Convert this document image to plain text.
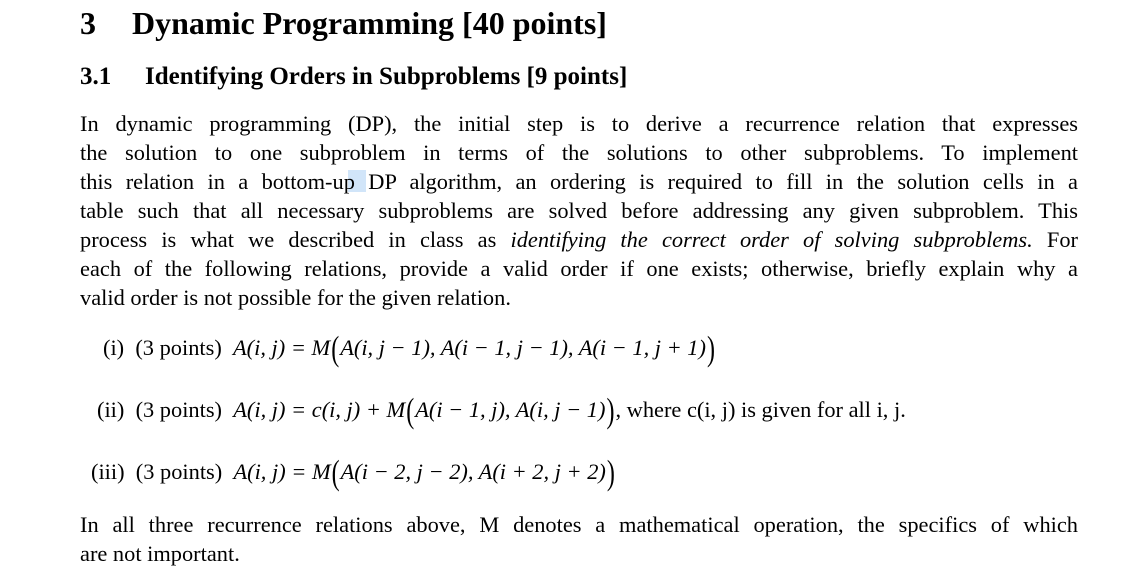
3 Dynamic Programming [40 points]
3.1 Identifying Orders in Subproblems [9 points]
In dynamic programming (DP), the initial step is to derive a recurrence relation that expresses
the solution to one subproblem in terms of the solutions to other subproblems. To implement
this relation in a bottom-up DP algorithm, an ordering is required to fill in the solution cells in a
table such that all necessary subproblems are solved before addressing any given subproblem. This
process is what we described in class as identifying the correct order of solving subproblems. For
each of the following relations, provide a valid order if one exists; otherwise, briefly explain why a
valid order is not possible for the given relation.
(i) (3 points) A(i, j) = M(A(i, j − 1), A(i − 1, j − 1), A(i − 1, j + 1))
(ii) (3 points) A(i, j) = c(i, j) + M(A(i − 1, j), A(i, j − 1)), where c(i, j) is given for all i, j.
(iii) (3 points) A(i, j) = M(A(i − 2, j − 2), A(i + 2, j + 2))
In all three recurrence relations above, M denotes a mathematical operation, the specifics of which
are not important.
